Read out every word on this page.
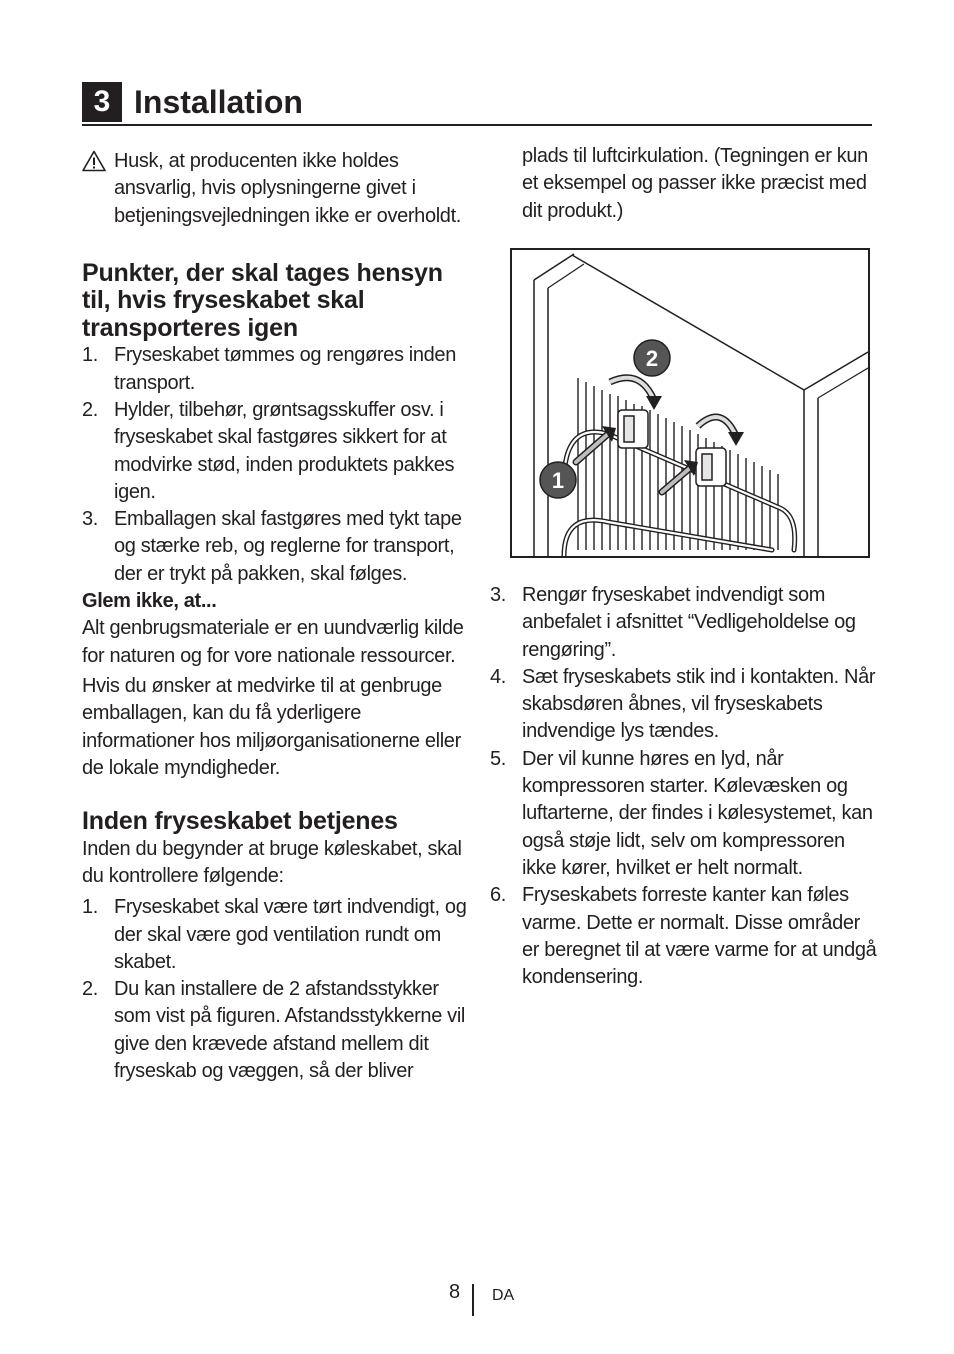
3 Installation

Husk, at producenten ikke holdes ansvarlig, hvis oplysningerne givet i betjeningsvejledningen ikke er overholdt.

Punkter, der skal tages hensyn til, hvis fryseskabet skal transporteres igen
1. Fryseskabet tømmes og rengøres inden transport.
2. Hylder, tilbehør, grøntsagsskuffer osv. i fryseskabet skal fastgøres sikkert for at modvirke stød, inden produktets pakkes igen.
3. Emballagen skal fastgøres med tykt tape og stærke reb, og reglerne for transport, der er trykt på pakken, skal følges.
Glem ikke, at...

Alt genbrugsmateriale er en uundværlig kilde for naturen og for vore nationale ressourcer.

Hvis du ønsker at medvirke til at genbruge emballagen, kan du få yderligere informationer hos miljøorganisationerne eller de lokale myndigheder.

Inden fryseskabet betjenes

Inden du begynder at bruge køleskabet, skal du kontrollere følgende:

1. Fryseskabet skal være tørt indvendigt, og der skal være god ventilation rundt om skabet.
2. Du kan installere de 2 afstandsstykker som vist på figuren. Afstandsstykkerne vil give den krævede afstand mellem dit fryseskab og væggen, så der bliver

plads til luftcirkulation. (Tegningen er kun et eksempel og passer ikke præcist med dit produkt.)

2
1
3. Rengør fryseskabet indvendigt som anbefalet i afsnittet “Vedligeholdelse og rengøring”.
4. Sæt fryseskabets stik ind i kontakten. Når skabsdøren åbnes, vil fryseskabets indvendige lys tændes.
5. Der vil kunne høres en lyd, når kompressoren starter. Kølevæsken og luftarterne, der findes i kølesystemet, kan også støje lidt, selv om kompressoren ikke kører, hvilket er helt normalt.
6. Fryseskabets forreste kanter kan føles varme. Dette er normalt. Disse områder er beregnet til at være varme for at undgå kondensering.
8 DA
